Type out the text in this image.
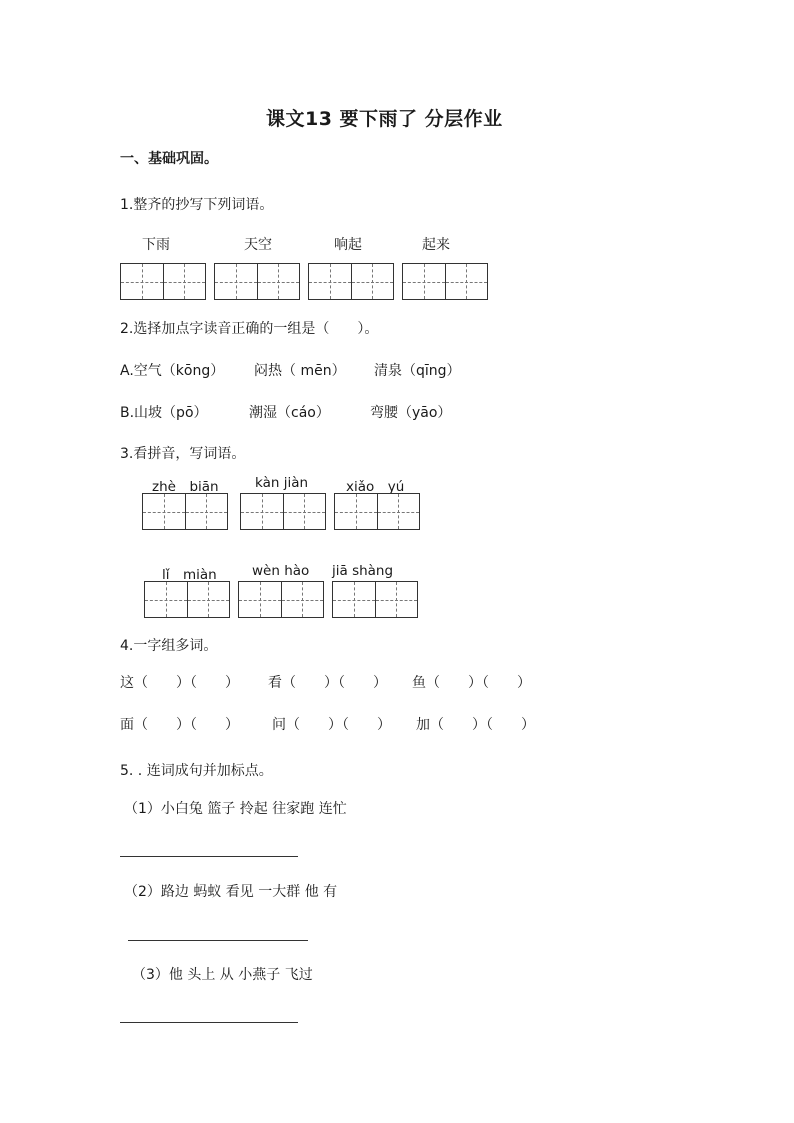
课文13 要下雨了 分层作业
一、基础巩固。
1.整齐的抄写下列词语。
下雨	天空	响起	起来
2.选择加点字读音正确的一组是（　　）。
A.空气（kōng） 闷热（ mēn） 清泉（qīng）
B.山坡（pō）	潮湿（cáo）	弯腰（yāo）
3.看拼音，写词语。
zhè　biān	kàn jiàn	xiǎo　yú
lǐ　miàn	wèn hào jiā shàng
4.一字组多词。
这（　　）（　　） 看（　　）（　　） 鱼（　　）（　　）
面（　　）（　　） 问（　　）（　　） 加（　　）（　　）
5. . 连词成句并加标点。
（1）小白兔 篮子 拎起 往家跑 连忙
（2）路边 蚂蚁 看见 一大群 他 有
（3）他 头上 从 小燕子 飞过
